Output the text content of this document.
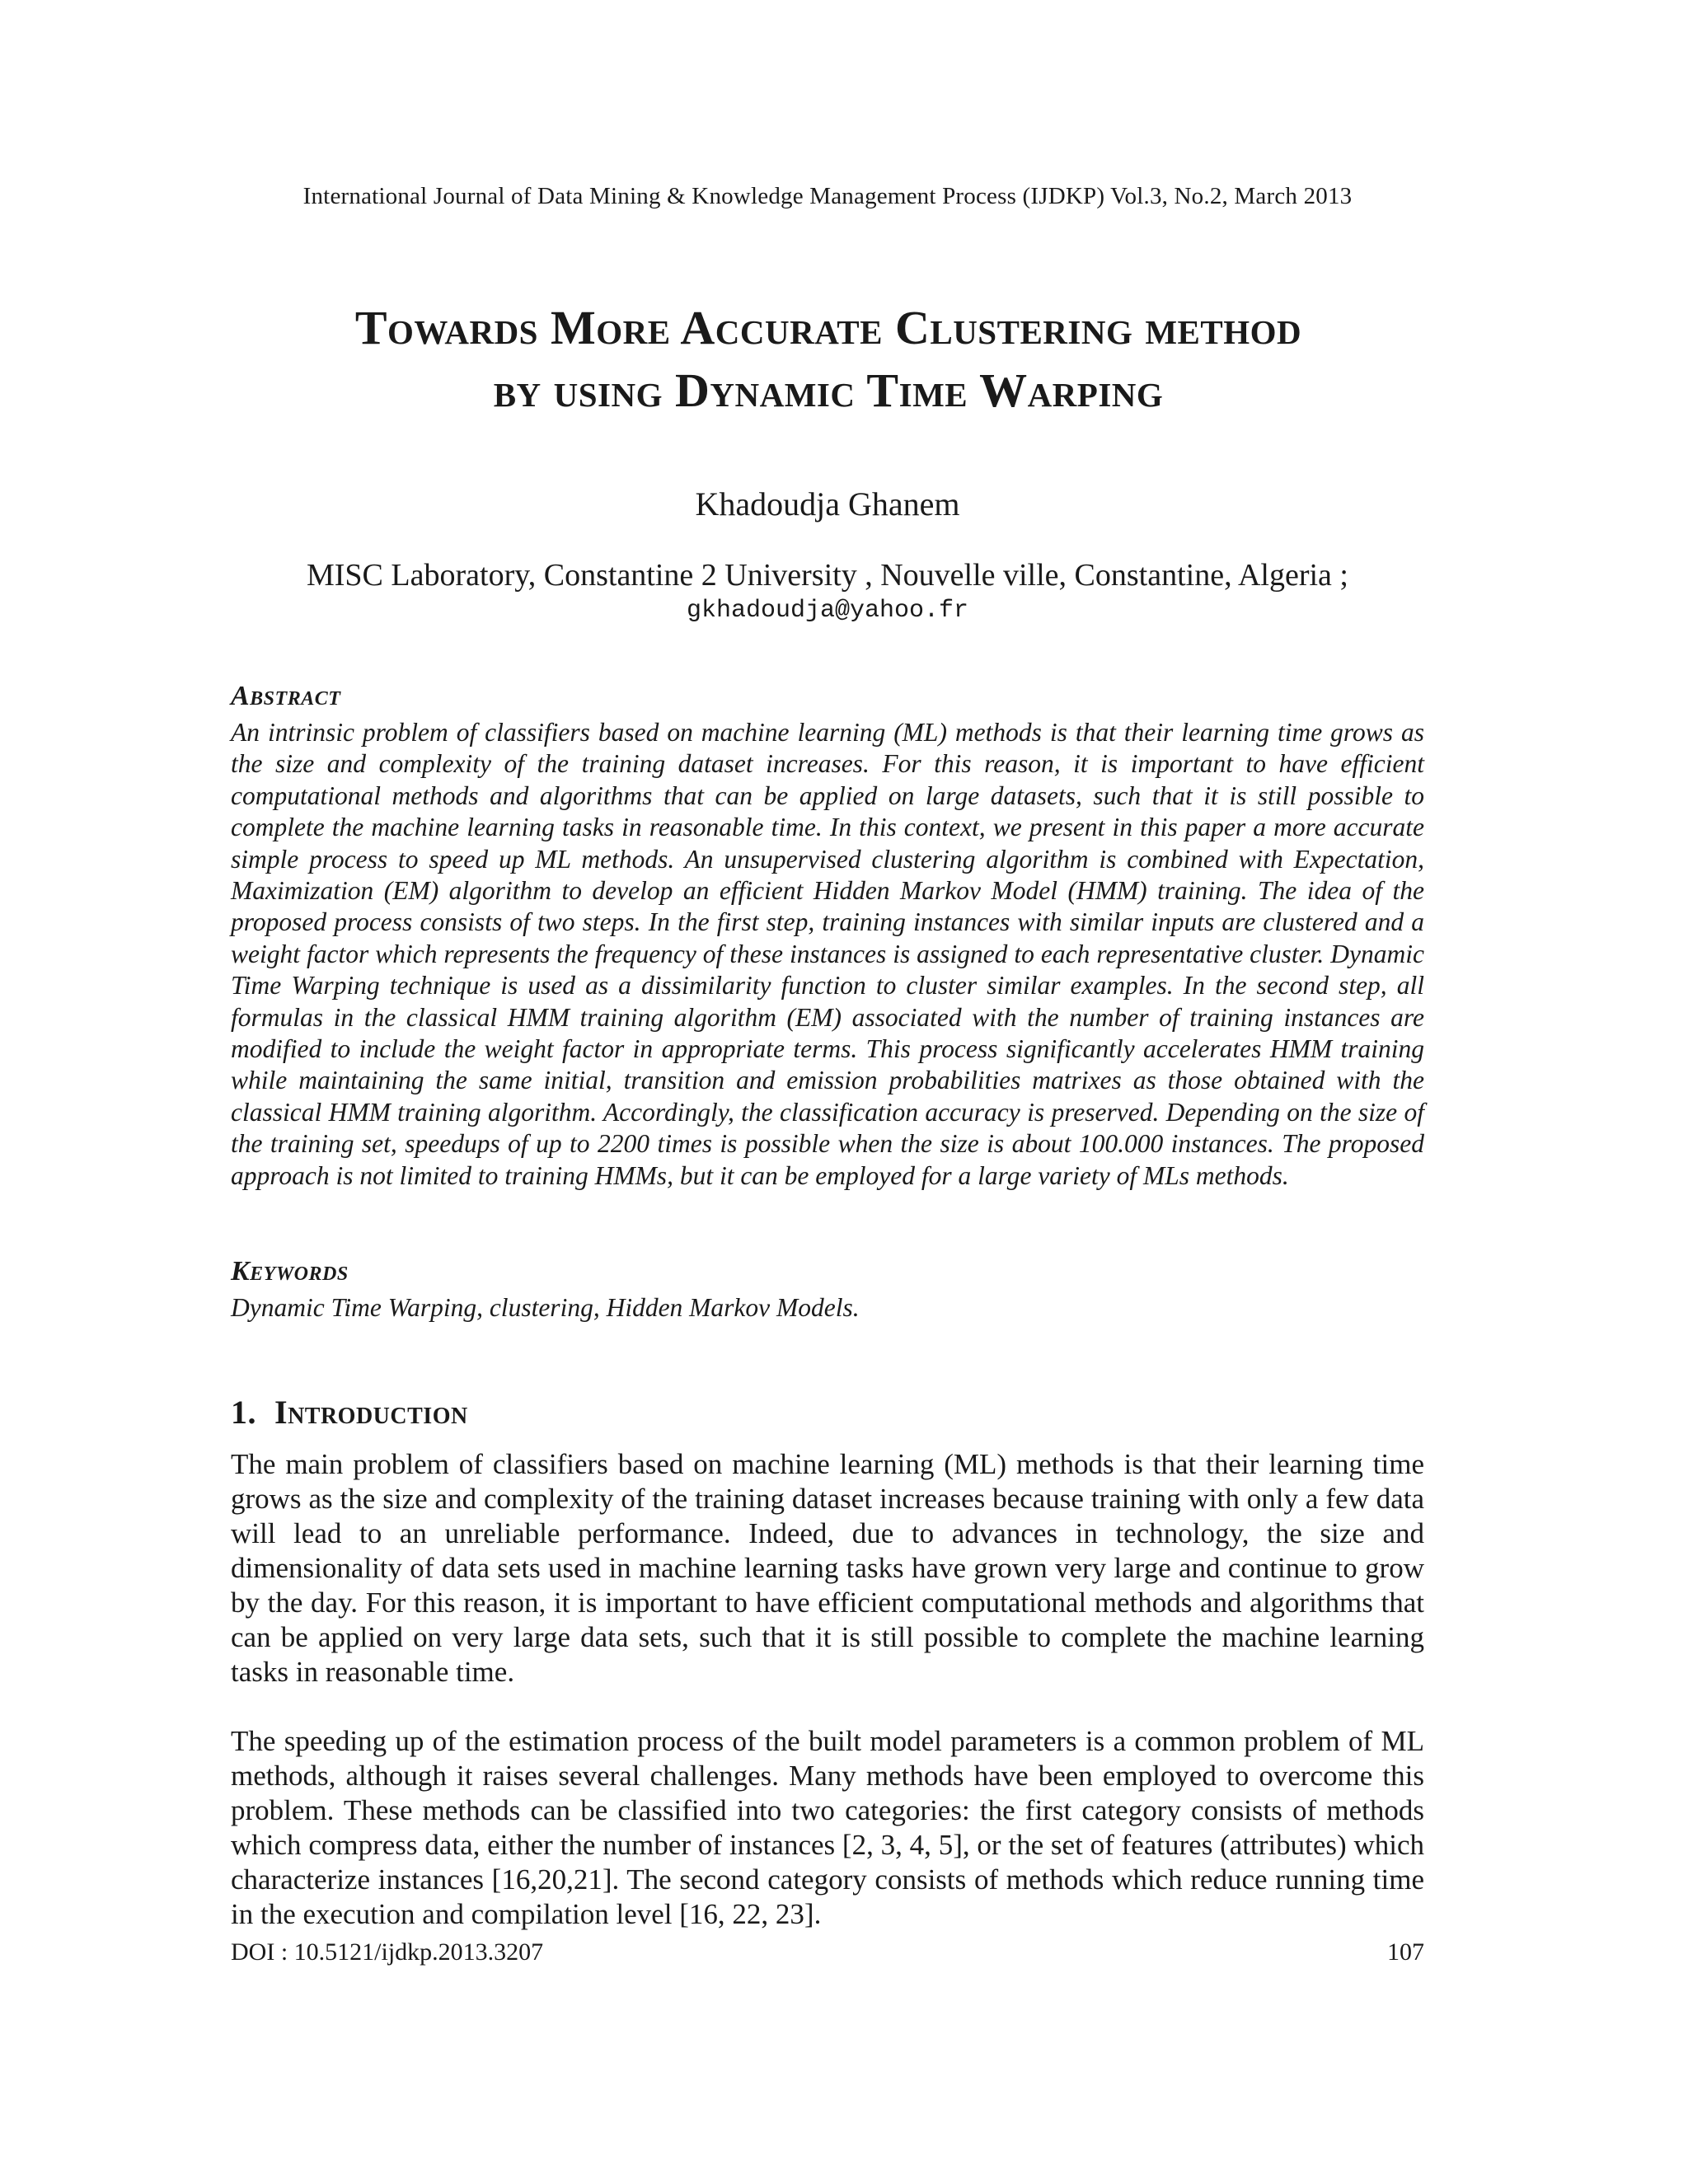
International Journal of Data Mining & Knowledge Management Process (IJDKP) Vol.3, No.2, March 2013
Towards More Accurate Clustering method
by using Dynamic Time Warping
Khadoudja Ghanem
MISC Laboratory, Constantine 2 University , Nouvelle ville, Constantine, Algeria ;
gkhadoudja@yahoo.fr
Abstract
An intrinsic problem of classifiers based on machine learning (ML) methods is that their learning time grows as the size and complexity of the training dataset increases. For this reason, it is important to have efficient computational methods and algorithms that can be applied on large datasets, such that it is still possible to complete the machine learning tasks in reasonable time. In this context, we present in this paper a more accurate simple process to speed up ML methods. An unsupervised clustering algorithm is combined with Expectation, Maximization (EM) algorithm to develop an efficient Hidden Markov Model (HMM) training. The idea of the proposed process consists of two steps. In the first step, training instances with similar inputs are clustered and a weight factor which represents the frequency of these instances is assigned to each representative cluster. Dynamic Time Warping technique is used as a dissimilarity function to cluster similar examples. In the second step, all formulas in the classical HMM training algorithm (EM) associated with the number of training instances are modified to include the weight factor in appropriate terms. This process significantly accelerates HMM training while maintaining the same initial, transition and emission probabilities matrixes as those obtained with the classical HMM training algorithm. Accordingly, the classification accuracy is preserved. Depending on the size of the training set, speedups of up to 2200 times is possible when the size is about 100.000 instances. The proposed approach is not limited to training HMMs, but it can be employed for a large variety of MLs methods.
Keywords
Dynamic Time Warping, clustering, Hidden Markov Models.
1. Introduction
The main problem of classifiers based on machine learning (ML) methods is that their learning time grows as the size and complexity of the training dataset increases because training with only a few data will lead to an unreliable performance. Indeed, due to advances in technology, the size and dimensionality of data sets used in machine learning tasks have grown very large and continue to grow by the day. For this reason, it is important to have efficient computational methods and algorithms that can be applied on very large data sets, such that it is still possible to complete the machine learning tasks in reasonable time.
The speeding up of the estimation process of the built model parameters is a common problem of ML methods, although it raises several challenges. Many methods have been employed to overcome this problem. These methods can be classified into two categories: the first category consists of methods which compress data, either the number of instances [2, 3, 4, 5], or the set of features (attributes) which characterize instances [16,20,21]. The second category consists of methods which reduce running time in the execution and compilation level [16, 22, 23].
DOI : 10.5121/ijdkp.2013.3207	107
